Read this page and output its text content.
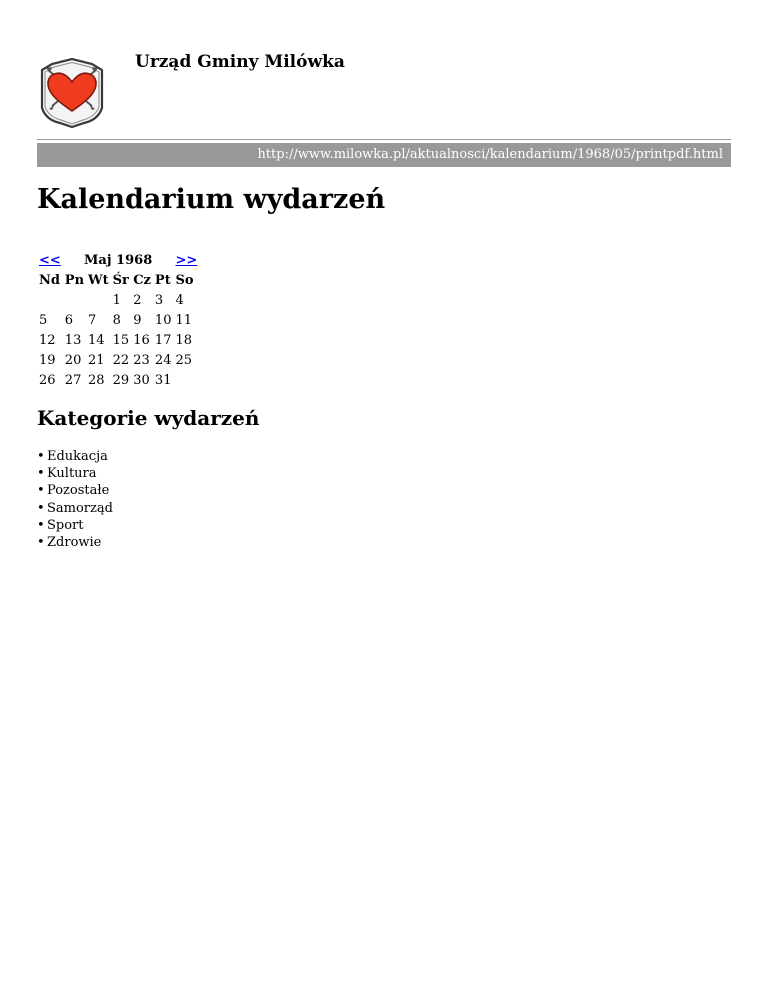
Urząd Gminy Milówka
http://www.milowka.pl/aktualnosci/kalendarium/1968/05/printpdf.html
Kalendarium wydarzeń
<<	Maj 1968					>>
Nd	Pn	Wt	Śr	Cz	Pt	So
			1	2	3	4
5	6	7	8	9	10	11
12	13	14	15	16	17	18
19	20	21	22	23	24	25
26	27	28	29	30	31	
Kategorie wydarzeń
• Edukacja
• Kultura
• Pozostałe
• Samorząd
• Sport
• Zdrowie
